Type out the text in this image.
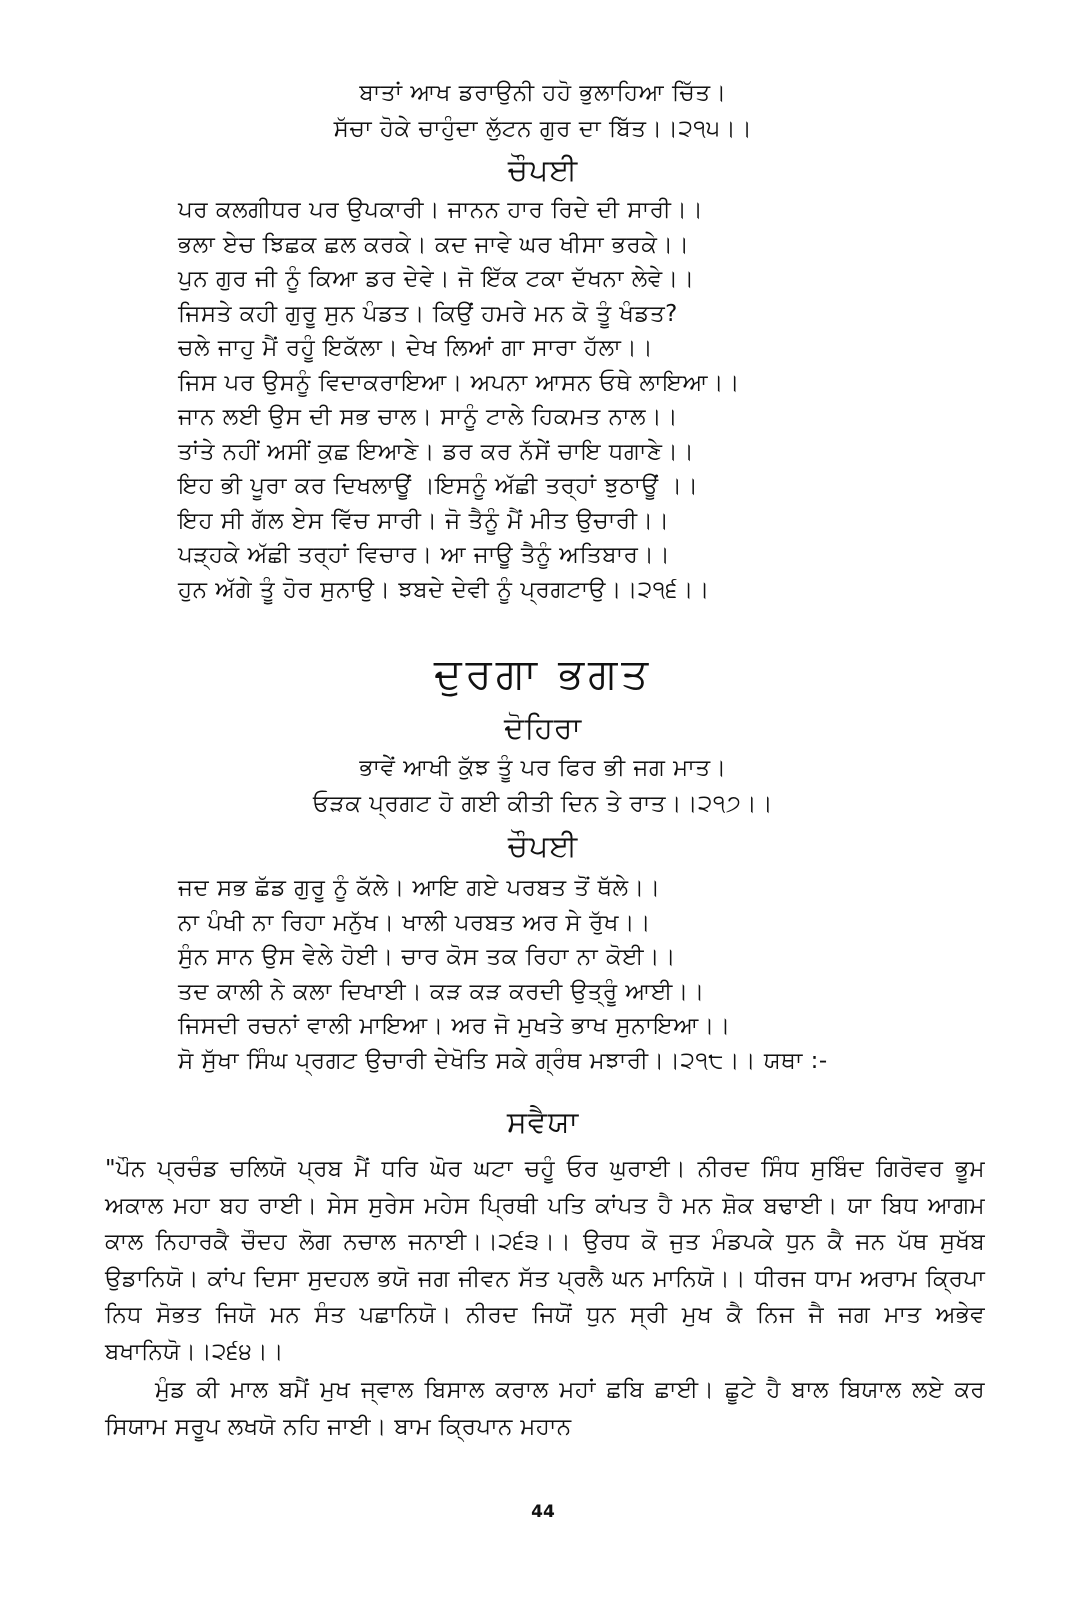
ਬਾਤਾਂ ਆਖ ਡਰਾਉਨੀ ਹਹੋ ਭੁਲਾਹਿਆ ਚਿੱਤ।
ਸੱਚਾ ਹੋਕੇ ਚਾਹੁੰਦਾ ਲੁੱਟਨ ਗੁਰ ਦਾ ਬਿੱਤ।।੨੧੫।।
ਚੌਪਈ
ਪਰ ਕਲਗੀਧਰ ਪਰ ਉਪਕਾਰੀ। ਜਾਨਨ ਹਾਰ ਰਿਦੇ ਦੀ ਸਾਰੀ।।
ਭਲਾ ਏਚ ਝਿਛਕ ਛਲ ਕਰਕੇ। ਕਦ ਜਾਵੇ ਘਰ ਖੀਸਾ ਭਰਕੇ।।
ਪੁਨ ਗੁਰ ਜੀ ਨੂੰ ਕਿਆ ਡਰ ਦੇਵੇ। ਜੋ ਇੱਕ ਟਕਾ ਦੱਖਨਾ ਲੇਵੇ।।
ਜਿਸਤੇ ਕਹੀ ਗੁਰੂ ਸੁਨ ਪੰਡਤ। ਕਿਉਂ ਹਮਰੇ ਮਨ ਕੋ ਤੂੰ ਖੰਡਤ?
ਚਲੇ ਜਾਹੁ ਮੈਂ ਰਹੂੰ ਇਕੱਲਾ। ਦੇਖ ਲਿਆਂ ਗਾ ਸਾਰਾ ਹੱਲਾ।।
ਜਿਸ ਪਰ ਉਸਨੂੰ ਵਿਦਾਕਰਾਇਆ। ਅਪਨਾ ਆਸਨ ਓਥੇ ਲਾਇਆ।।
ਜਾਨ ਲਈ ਉਸ ਦੀ ਸਭ ਚਾਲ। ਸਾਨੂੰ ਟਾਲੇ ਹਿਕਮਤ ਨਾਲ।।
ਤਾਂਤੇ ਨਹੀਂ ਅਸੀਂ ਕੁਛ ਇਆਣੇ। ਡਰ ਕਰ ਨੱਸੇਂ ਚਾਇ ਧਗਾਣੇ।।
ਇਹ ਭੀ ਪੂਰਾ ਕਰ ਦਿਖਲਾਊਂ ।ਇਸਨੂੰ ਅੱਛੀ ਤਰ੍ਹਾਂ ਝੁਠਾਊਂ ।।
ਇਹ ਸੀ ਗੱਲ ਏਸ ਵਿੱਚ ਸਾਰੀ। ਜੋ ਤੈਨੂੰ ਮੈਂ ਮੀਤ ਉਚਾਰੀ।।
ਪੜ੍ਹਕੇ ਅੱਛੀ ਤਰ੍ਹਾਂ ਵਿਚਾਰ। ਆ ਜਾਊ ਤੈਨੂੰ ਅਤਿਬਾਰ।।
ਹੁਨ ਅੱਗੇ ਤੂੰ ਹੋਰ ਸੁਨਾਉ। ਝਬਦੇ ਦੇਵੀ ਨੂੰ ਪ੍ਰਗਟਾਉ।।੨੧੬।।
ਦੁਰਗਾ ਭਗਤ
ਦੋਹਿਰਾ
ਭਾਵੇਂ ਆਖੀ ਕੁੱਝ ਤੂੰ ਪਰ ਫਿਰ ਭੀ ਜਗ ਮਾਤ।
ਓੜਕ ਪ੍ਰਗਟ ਹੋ ਗਈ ਕੀਤੀ ਦਿਨ ਤੇ ਰਾਤ।।੨੧੭।।
ਚੌਪਈ
ਜਦ ਸਭ ਛੱਡ ਗੁਰੂ ਨੂੰ ਕੱਲੇ। ਆਇ ਗਏ ਪਰਬਤ ਤੋਂ ਥੱਲੇ।।
ਨਾ ਪੰਖੀ ਨਾ ਰਿਹਾ ਮਨੁੱਖ। ਖਾਲੀ ਪਰਬਤ ਅਰ ਸੇ ਰੁੱਖ।।
ਸੁੰਨ ਸਾਨ ਉਸ ਵੇਲੇ ਹੋਈ। ਚਾਰ ਕੋਸ ਤਕ ਰਿਹਾ ਨਾ ਕੋਈ।।
ਤਦ ਕਾਲੀ ਨੇ ਕਲਾ ਦਿਖਾਈ। ਕੜ ਕੜ ਕਰਦੀ ਉਤ੍ਰੂੰ ਆਈ।।
ਜਿਸਦੀ ਰਚਨਾਂ ਵਾਲੀ ਮਾਇਆ। ਅਰ ਜੋ ਮੁਖਤੇ ਭਾਖ ਸੁਨਾਇਆ।।
ਸੋ ਸੁੱਖਾ ਸਿੰਘ ਪ੍ਰਗਟ ਉਚਾਰੀ ਦੇਖੋਤਿ ਸਕੇ ਗ੍ਰੰਥ ਮਝਾਰੀ।।੨੧੮।। ਯਥਾ :-
ਸਵੈਯਾ
"ਪੌਨ ਪ੍ਰਚੰਡ ਚਲਿਯੋ ਪ੍ਰਬ ਮੈਂ ਧਰਿ ਘੋਰ ਘਟਾ ਚਹੂੰ ਓਰ ਘੁਰਾਈ। ਨੀਰਦ ਸਿੰਧ ਸੁਬਿੰਦ ਗਿਰੋਵਰ ਭੂਮ ਅਕਾਲ ਮਹਾ ਬਹ ਰਾਈ। ਸੇਸ ਸੁਰੇਸ ਮਹੇਸ ਪ੍ਰਿਥੀ ਪਤਿ ਕਾਂਪਤ ਹੈ ਮਨ ਸ਼ੋਕ ਬਢਾਈ। ਯਾ ਬਿਧ ਆਗਮ ਕਾਲ ਨਿਹਾਰਕੈ ਚੌਦਹ ਲੋਗ ਨਚਾਲ ਜਨਾਈ।।੨੬੩।। ਉਰਧ ਕੋ ਜੁਤ ਮੰਡਪਕੇ ਧੁਨ ਕੈ ਜਨ ਪੱਥ ਸੁਖੱਬ ਉਡਾਨਿਯੋ। ਕਾਂਪ ਦਿਸਾ ਸੁਦਹਲ ਭਯੋ ਜਗ ਜੀਵਨ ਸੱਤ ਪ੍ਰਲੈ ਘਨ ਮਾਨਿਯੋ।। ਧੀਰਜ ਧਾਮ ਅਰਾਮ ਕ੍ਰਿਪਾ ਨਿਧ ਸੋਭਤ ਜਿਯੋ ਮਨ ਸੰਤ ਪਛਾਨਿਯੋ। ਨੀਰਦ ਜਿਯੋਂ ਧੁਨ ਸ੍ਰੀ ਮੁਖ ਕੈ ਨਿਜ ਜੈ ਜਗ ਮਾਤ ਅਭੇਵ ਬਖਾਨਿਯੋ।।੨੬੪।।
ਮੁੰਡ ਕੀ ਮਾਲ ਬਮੈਂ ਮੁਖ ਜ੍ਵਾਲ ਬਿਸਾਲ ਕਰਾਲ ਮਹਾਂ ਛਬਿ ਛਾਈ। ਛੂਟੇ ਹੈ ਬਾਲ ਬਿਯਾਲ ਲਏ ਕਰ ਸਿਯਾਮ ਸਰੂਪ ਲਖਯੋ ਨਹਿ ਜਾਈ। ਬਾਮ ਕ੍ਰਿਪਾਨ ਮਹਾਨ
44
